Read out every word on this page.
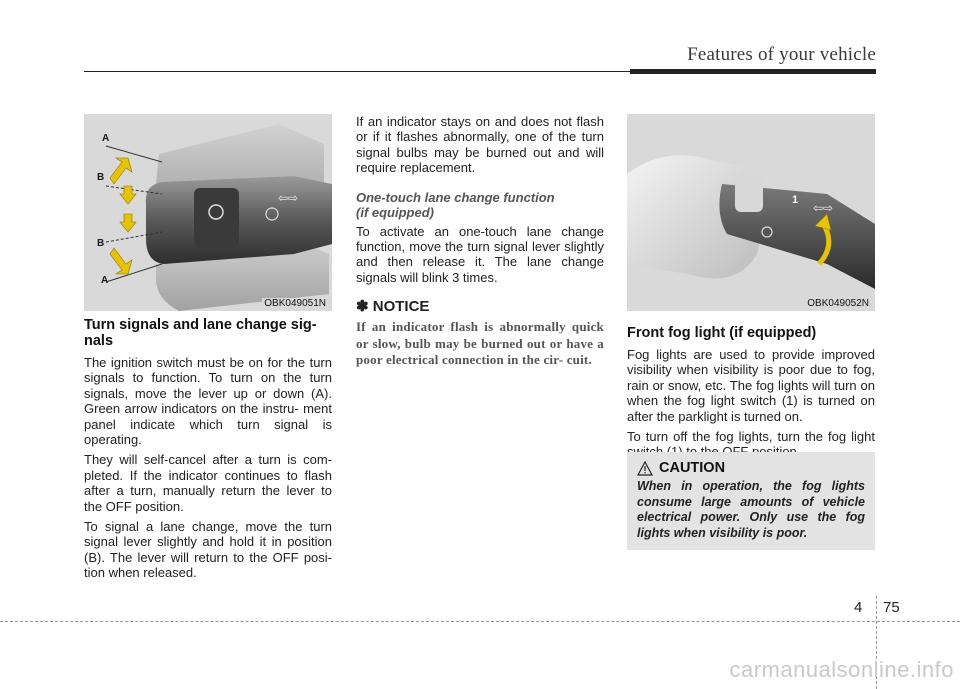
Features of your vehicle
⇦⇨
A
B
B
A
OBK049051N
Turn signals and lane change sig- nals

The ignition switch must be on for the turn signals to function. To turn on the turn signals, move the lever up or down (A). Green arrow indicators on the instru- ment panel indicate which turn signal is operating.

They will self-cancel after a turn is com- pleted. If the indicator continues to flash after a turn, manually return the lever to the OFF position.

To signal a lane change, move the turn signal lever slightly and hold it in position (B). The lever will return to the OFF posi- tion when released.

If an indicator stays on and does not flash or if it flashes abnormally, one of the turn signal bulbs may be burned out and will require replacement.

One-touch lane change function
(if equipped)

To activate an one-touch lane change function, move the turn signal lever slightly and then release it. The lane change signals will blink 3 times.

✽ NOTICE
If an indicator flash is abnormally quick or slow, bulb may be burned out or have a poor electrical connection in the cir- cuit.
⇦⇨
1
OBK049052N
Front fog light (if equipped)

Fog lights are used to provide improved visibility when visibility is poor due to fog, rain or snow, etc. The fog lights will turn on when the fog light switch (1) is turned on after the parklight is turned on.

To turn off the fog lights, turn the fog light

CAUTION
When in operation, the fog lights consume large amounts of vehicle electrical power. Only use the fog lights when visibility is poor.
4 75
carmanualsonline.info
